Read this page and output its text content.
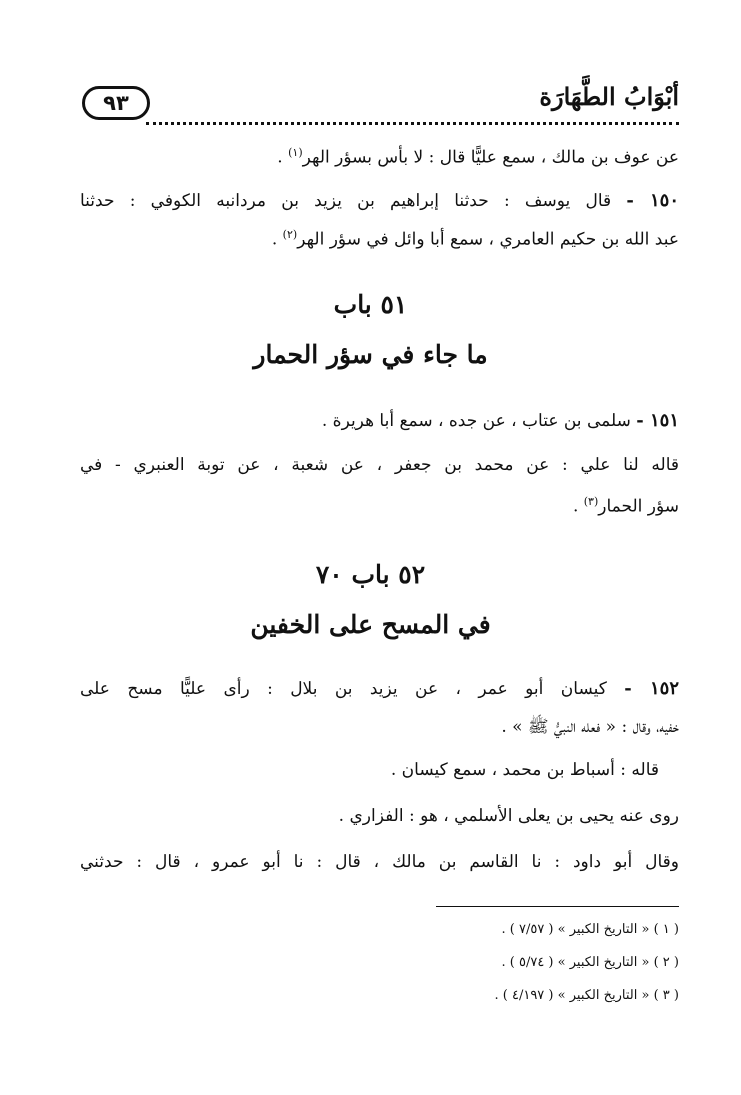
أبْوَابُ الطَّهَارَة
٩٣
عن عوف بن مالك ، سمع عليًّا قال : لا بأس بسؤر الهر$^{(١)}$ .
١٥٠ - قال يوسف : حدثنا إبراهيم بن يزيد بن مردانبه الكوفي : حدثنا
عبد الله بن حكيم العامري ، سمع أبا وائل في سؤر الهر$^{(٢)}$ .
٥١ باب
ما جاء في سؤر الحمار
١٥١ - سلمى بن عتاب ، عن جده ، سمع أبا هريرة .
قاله لنا علي : عن محمد بن جعفر ، عن شعبة ، عن توبة العنبري - في
سؤر الحمار$^{(٣)}$ .
٥٢ باب ٧٠
في المسح على الخفين
١٥٢ - كيسان أبو عمر ، عن يزيد بن بلال : رأى عليًّا مسح على
خفيه، وقال : « فعله النبيُّ ﷺ » .
قاله : أسباط بن محمد ، سمع كيسان .
روى عنه يحيى بن يعلى الأسلمي ، هو : الفزاري .
وقال أبو داود : نا القاسم بن مالك ، قال : نا أبو عمرو ، قال : حدثني
( ١ ) « التاريخ الكبير » ( ٧/٥٧ ) .
( ٢ ) « التاريخ الكبير » ( ٥/٧٤ ) .
( ٣ ) « التاريخ الكبير » ( ٤/١٩٧ ) .
